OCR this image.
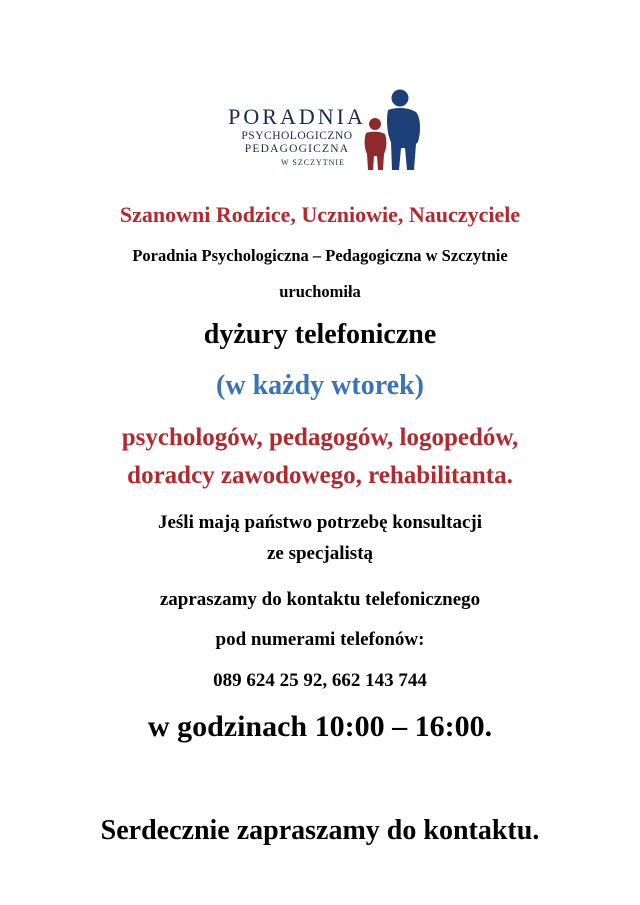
PORADNIA
PSYCHOLOGICZNO
PEDAGOGICZNA
W SZCZYTNIE
Szanowni Rodzice, Uczniowie, Nauczyciele
Poradnia Psychologiczna – Pedagogiczna w Szczytnie
uruchomiła
dyżury telefoniczne
(w każdy wtorek)
psychologów, pedagogów, logopedów,
doradcy zawodowego, rehabilitanta.
Jeśli mają państwo potrzebę konsultacji
ze specjalistą
zapraszamy do kontaktu telefonicznego
pod numerami telefonów:
089 624 25 92, 662 143 744
w godzinach 10:00 – 16:00.
Serdecznie zapraszamy do kontaktu.
